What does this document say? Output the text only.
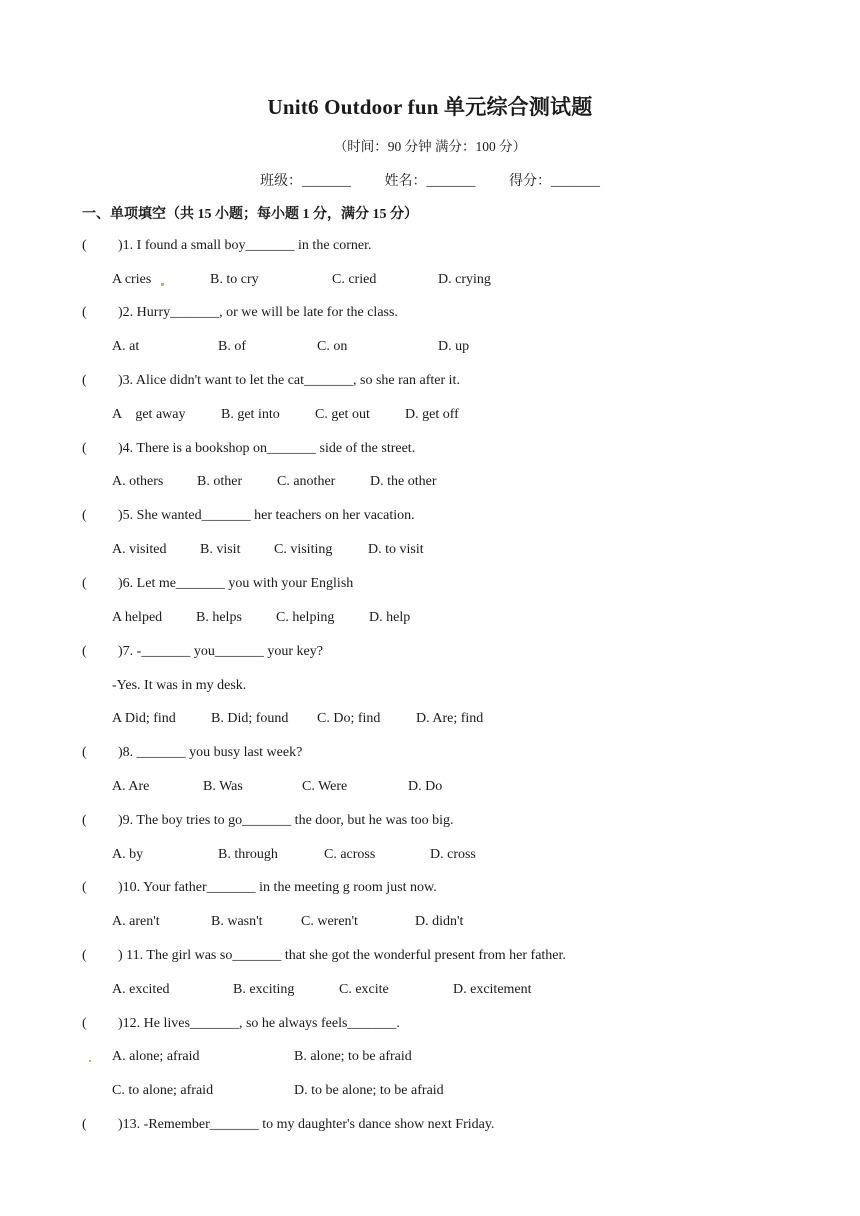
Unit6 Outdoor fun 单元综合测试题
（时间：90 分钟 满分：100 分）
班级：_______ 姓名：_______ 得分：_______
一、单项填空（共 15 小题；每小题 1 分，满分 15 分）
( )1. I found a small boy_______ in the corner.
A cries	B. to cry	C. cried	D. crying
( )2. Hurry_______, or we will be late for the class.
A. at	B. of	C. on	D. up
( )3. Alice didn't want to let the cat_______, so she ran after it.
A    get away	B. get into	C. get out	D. get off
( )4. There is a bookshop on_______ side of the street.
A. others B. other C. another D. the other
( )5. She wanted_______ her teachers on her vacation.
A. visited B. visit C. visiting	D. to visit
( )6. Let me_______ you with your English
A helped B. helps C. helping D. help
( )7. -_______ you_______ your key?
-Yes. It was in my desk.
A Did; find	B. Did; found C. Do; find	D. Are; find
( )8. _______ you busy last week?
A. Are	B. Was	C. Were	D. Do
( )9. The boy tries to go_______ the door, but he was too big.
A. by	B. through	C. across	D. cross
( )10. Your father_______ in the meeting g room just now.
A. aren't	B. wasn't	C. weren't	D. didn't
( ) 11. The girl was so_______ that she got the wonderful present from her father.
A. excited	B. exciting	C. excite	D. excitement
( )12. He lives_______, so he always feels_______.
A. alone; afraid	B. alone; to be afraid
C. to alone; afraid	D. to be alone; to be afraid
( )13. -Remember_______ to my daughter's dance show next Friday.
